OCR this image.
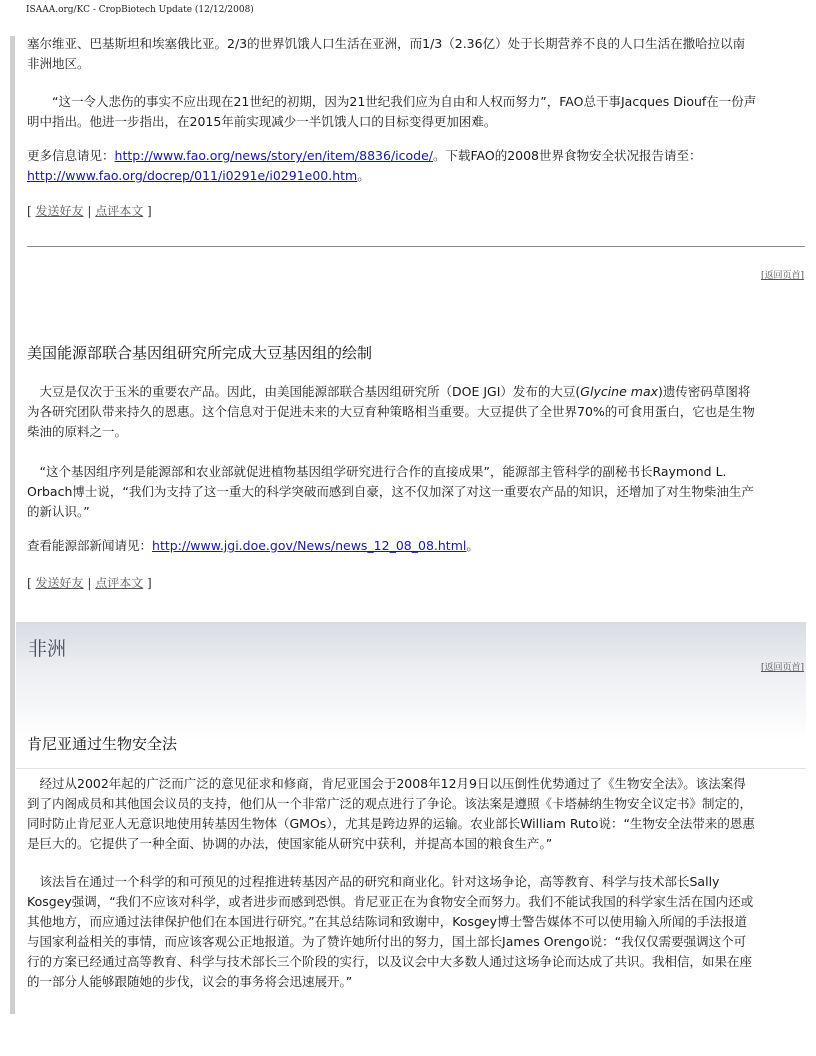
ISAAA.org/KC - CropBiotech Update (12/12/2008)

塞尔维亚、巴基斯坦和埃塞俄比亚。2/3的世界饥饿人口生活在亚洲，而1/3（2.36亿）处于长期营养不良的人口生活在撒哈拉以南非洲地区。

“这一令人悲伤的事实不应出现在21世纪的初期，因为21世纪我们应为自由和人权而努力”，FAO总干事Jacques Diouf在一份声明中指出。他进一步指出，在2015年前实现减少一半饥饿人口的目标变得更加困难。

更多信息请见：http://www.fao.org/news/story/en/item/8836/icode/。下载FAO的2008世界食物安全状况报告请至：http://www.fao.org/docrep/011/i0291e/i0291e00.htm。

[ 发送好友 | 点评本文 ]
[返回页首]
美国能源部联合基因组研究所完成大豆基因组的绘制

大豆是仅次于玉米的重要农产品。因此，由美国能源部联合基因组研究所（DOE JGI）发布的大豆(Glycine max)遗传密码草图将为各研究团队带来持久的恩惠。这个信息对于促进未来的大豆育种策略相当重要。大豆提供了全世界70%的可食用蛋白，它也是生物柴油的原料之一。

“这个基因组序列是能源部和农业部就促进植物基因组学研究进行合作的直接成果”，能源部主管科学的副秘书长Raymond L. Orbach博士说，“我们为支持了这一重大的科学突破而感到自豪，这不仅加深了对这一重要农产品的知识，还增加了对生物柴油生产的新认识。”

查看能源部新闻请见：http://www.jgi.doe.gov/News/news_12_08_08.html。

[ 发送好友 | 点评本文 ]
非洲
[返回页首]
肯尼亚通过生物安全法

经过从2002年起的广泛而广泛的意见征求和修商，肯尼亚国会于2008年12月9日以压倒性优势通过了《生物安全法》。该法案得到了内阁成员和其他国会议员的支持，他们从一个非常广泛的观点进行了争论。该法案是遵照《卡塔赫纳生物安全议定书》制定的，同时防止肯尼亚人无意识地使用转基因生物体（GMOs），尤其是跨边界的运输。农业部长William Ruto说：“生物安全法带来的恩惠是巨大的。它提供了一种全面、协调的办法，使国家能从研究中获利，并提高本国的粮食生产。”

该法旨在通过一个科学的和可预见的过程推进转基因产品的研究和商业化。针对这场争论，高等教育、科学与技术部长Sally Kosgey强调，“我们不应该对科学，或者进步而感到恐惧。肯尼亚正在为食物安全而努力。我们不能试我国的科学家生活在国内还或其他地方，而应通过法律保护他们在本国进行研究。”在其总结陈词和致谢中，Kosgey博士警告媒体不可以使用输入所闻的手法报道与国家利益相关的事情，而应该客观公正地报道。为了赞许她所付出的努力，国土部长James Orengo说：“我仅仅需要强调这个可行的方案已经通过高等教育、科学与技术部长三个阶段的实行，以及议会中大多数人通过这场争论而达成了共识。我相信，如果在座的一部分人能够跟随她的步伐，议会的事务将会迅速展开。”
